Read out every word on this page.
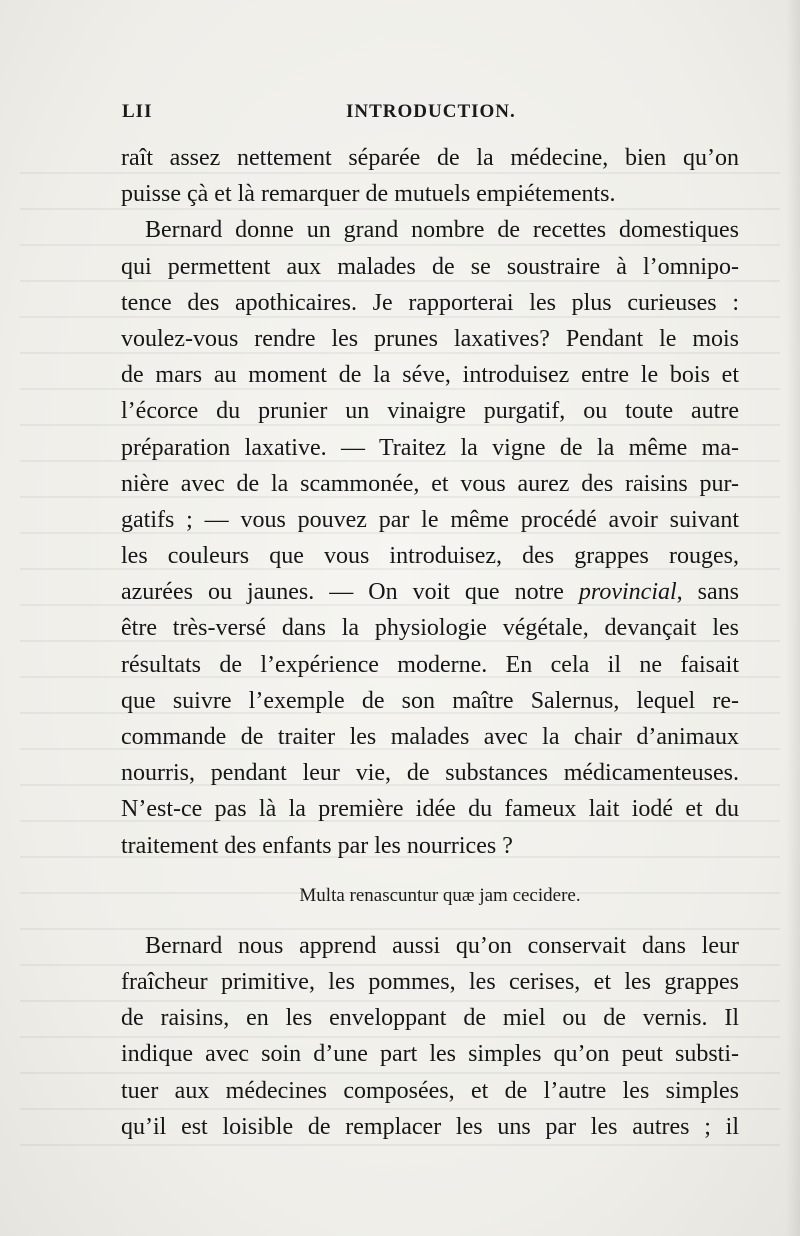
LII	INTRODUCTION.
raît assez nettement séparée de la médecine, bien qu’on
puisse çà et là remarquer de mutuels empiétements.
Bernard donne un grand nombre de recettes domestiques
qui permettent aux malades de se soustraire à l’omnipo-
tence des apothicaires. Je rapporterai les plus curieuses :
voulez-vous rendre les prunes laxatives? Pendant le mois
de mars au moment de la séve, introduisez entre le bois et
l’écorce du prunier un vinaigre purgatif, ou toute autre
préparation laxative. — Traitez la vigne de la même ma-
nière avec de la scammonée, et vous aurez des raisins pur-
gatifs ; — vous pouvez par le même procédé avoir suivant
les couleurs que vous introduisez, des grappes rouges,
azurées ou jaunes. — On voit que notre provincial, sans
être très-versé dans la physiologie végétale, devançait les
résultats de l’expérience moderne. En cela il ne faisait
que suivre l’exemple de son maître Salernus, lequel re-
commande de traiter les malades avec la chair d’animaux
nourris, pendant leur vie, de substances médicamenteuses.
N’est-ce pas là la première idée du fameux lait iodé et du
traitement des enfants par les nourrices ?
Multa renascuntur quæ jam cecidere.
Bernard nous apprend aussi qu’on conservait dans leur
fraîcheur primitive, les pommes, les cerises, et les grappes
de raisins, en les enveloppant de miel ou de vernis. Il
indique avec soin d’une part les simples qu’on peut substi-
tuer aux médecines composées, et de l’autre les simples
qu’il est loisible de remplacer les uns par les autres ; il
